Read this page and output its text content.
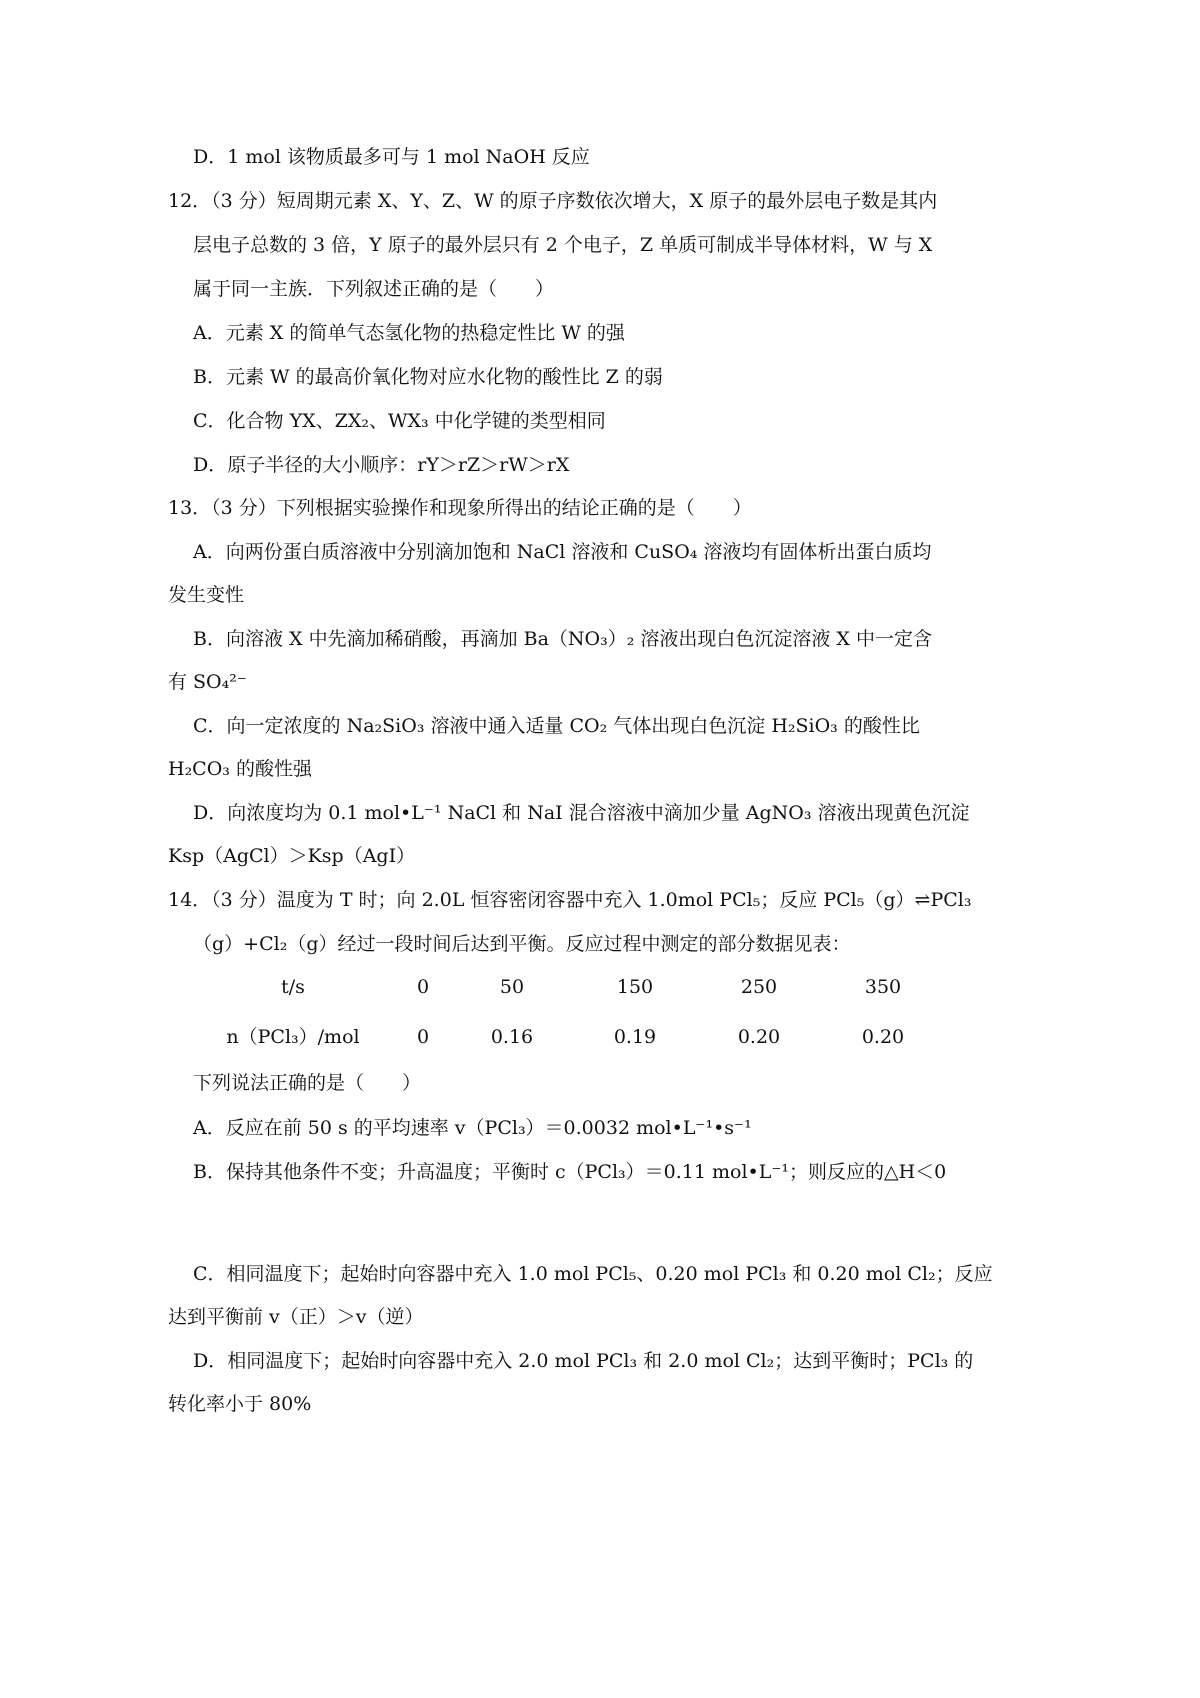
D．1 mol 该物质最多可与 1 mol NaOH 反应
12．（3 分）短周期元素 X、Y、Z、W 的原子序数依次增大，X 原子的最外层电子数是其内
层电子总数的 3 倍，Y 原子的最外层只有 2 个电子，Z 单质可制成半导体材料，W 与 X
属于同一主族．下列叙述正确的是（　　）
A．元素 X 的简单气态氢化物的热稳定性比 W 的强
B．元素 W 的最高价氧化物对应水化物的酸性比 Z 的弱
C．化合物 YX、ZX₂、WX₃ 中化学键的类型相同
D．原子半径的大小顺序：rY＞rZ＞rW＞rX
13．（3 分）下列根据实验操作和现象所得出的结论正确的是（　　）
A．向两份蛋白质溶液中分别滴加饱和 NaCl 溶液和 CuSO₄ 溶液均有固体析出蛋白质均
发生变性
B．向溶液 X 中先滴加稀硝酸，再滴加 Ba（NO₃）₂ 溶液出现白色沉淀溶液 X 中一定含
有 SO₄²⁻
C．向一定浓度的 Na₂SiO₃ 溶液中通入适量 CO₂ 气体出现白色沉淀 H₂SiO₃ 的酸性比
H₂CO₃ 的酸性强
D．向浓度均为 0.1 mol•L⁻¹ NaCl 和 NaI 混合溶液中滴加少量 AgNO₃ 溶液出现黄色沉淀
Ksp（AgCl）＞Ksp（AgI）
14．（3 分）温度为 T 时；向 2.0L 恒容密闭容器中充入 1.0mol PCl₅；反应 PCl₅（g）⇌PCl₃
（g）+Cl₂（g）经过一段时间后达到平衡。反应过程中测定的部分数据见表：
t/s	0	50	150	250	350
n（PCl₃）/mol	0	0.16	0.19	0.20	0.20
下列说法正确的是（　　）
A．反应在前 50 s 的平均速率 v（PCl₃）＝0.0032 mol•L⁻¹•s⁻¹
B．保持其他条件不变；升高温度；平衡时 c（PCl₃）＝0.11 mol•L⁻¹；则反应的△H＜0
C．相同温度下；起始时向容器中充入 1.0 mol PCl₅、0.20 mol PCl₃ 和 0.20 mol Cl₂；反应
达到平衡前 v（正）＞v（逆）
D．相同温度下；起始时向容器中充入 2.0 mol PCl₃ 和 2.0 mol Cl₂；达到平衡时；PCl₃ 的
转化率小于 80%
